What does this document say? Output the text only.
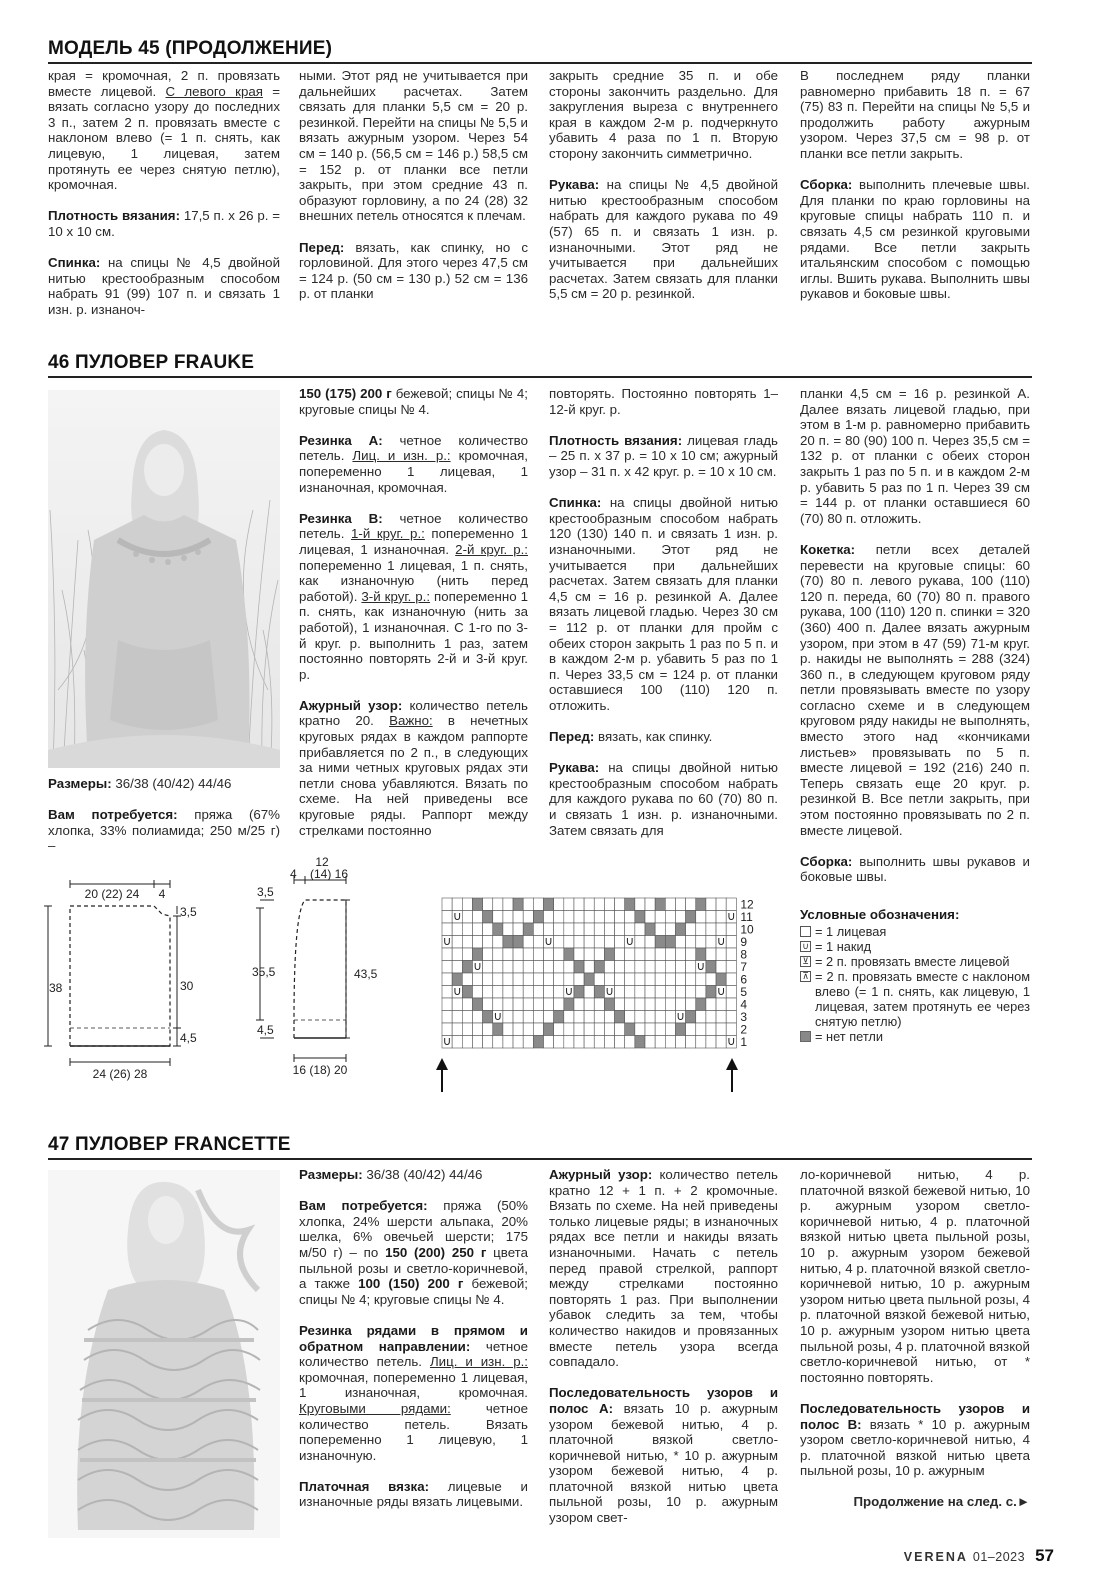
МОДЕЛЬ 45 (ПРОДОЛЖЕНИЕ)

края = кромочная, 2 п. провязать вместе лицевой. С левого края = вязать согласно узору до последних 3 п., затем 2 п. провязать вместе с наклоном влево (= 1 п. снять, как лицевую, 1 лицевая, затем протянуть ее через снятую петлю), кромочная.

Плотность вязания: 17,5 п. х 26 р. = 10 х 10 см.

Спинка: на спицы № 4,5 двойной нитью крестообразным способом набрать 91 (99) 107 п. и связать 1 изн. р. изнаноч-

ными. Этот ряд не учитывается при дальнейших расчетах. Затем связать для планки 5,5 см = 20 р. резинкой. Перейти на спицы № 5,5 и вязать ажурным узором. Через 54 см = 140 р. (56,5 см = 146 р.) 58,5 см = 152 р. от планки все петли закрыть, при этом средние 43 п. образуют горловину, а по 24 (28) 32 внешних петель относятся к плечам.

Перед: вязать, как спинку, но с горловиной. Для этого через 47,5 см = 124 р. (50 см = 130 р.) 52 см = 136 р. от планки

закрыть средние 35 п. и обе стороны закончить раздельно. Для закругления выреза с внутреннего края в каждом 2-м р. подчеркнуто убавить 4 раза по 1 п. Вторую сторону закончить симметрично.

Рукава: на спицы № 4,5 двойной нитью крестообразным способом набрать для каждого рукава по 49 (57) 65 п. и связать 1 изн. р. изнаночными. Этот ряд не учитывается при дальнейших расчетах. Затем связать для планки 5,5 см = 20 р. резинкой.

В последнем ряду планки равномерно прибавить 18 п. = 67 (75) 83 п. Перейти на спицы № 5,5 и продолжить работу ажурным узором. Через 37,5 см = 98 р. от планки все петли закрыть.

Сборка: выполнить плечевые швы. Для планки по краю горловины на круговые спицы набрать 110 п. и связать 4,5 см резинкой круговыми рядами. Все петли закрыть итальянским способом с помощью иглы. Вшить рукава. Выполнить швы рукавов и боковые швы.

46 ПУЛОВЕР FRAUKE

Размеры: 36/38 (40/42) 44/46

Вам потребуется: пряжа (67% хлопка, 33% полиамида; 250 м/25 г) –

150 (175) 200 г бежевой; спицы № 4; круговые спицы № 4.

Резинка А: четное количество петель. Лиц. и изн. р.: кромочная, попеременно 1 лицевая, 1 изнаночная, кромочная.

Резинка В: четное количество петель. 1-й круг. р.: попеременно 1 лицевая, 1 изнаночная. 2-й круг. р.: попеременно 1 лицевая, 1 п. снять, как изнаночную (нить перед работой). 3-й круг. р.: попеременно 1 п. снять, как изнаночную (нить за работой), 1 изнаночная. С 1-го по 3-й круг. р. выполнить 1 раз, затем постоянно повторять 2-й и 3-й круг. р.

Ажурный узор: количество петель кратно 20. Важно: в нечетных круговых рядах в каждом раппорте прибавляется по 2 п., в следующих за ними четных круговых рядах эти петли снова убавляются. Вязать по схеме. На ней приведены все круговые ряды. Раппорт между стрелками постоянно

повторять. Постоянно повторять 1–12-й круг. р.

Плотность вязания: лицевая гладь – 25 п. х 37 р. = 10 х 10 см; ажурный узор – 31 п. х 42 круг. р. = 10 х 10 см.

Спинка: на спицы двойной нитью крестообразным способом набрать 120 (130) 140 п. и связать 1 изн. р. изнаночными. Этот ряд не учитывается при дальнейших расчетах. Затем связать для планки 4,5 см = 16 р. резинкой А. Далее вязать лицевой гладью. Через 30 см = 112 р. от планки для пройм с обеих сторон закрыть 1 раз по 5 п. и в каждом 2-м р. убавить 5 раз по 1 п. Через 33,5 см = 124 р. от планки оставшиеся 100 (110) 120 п. отложить.

Перед: вязать, как спинку.

Рукава: на спицы двойной нитью крестообразным способом набрать для каждого рукава по 60 (70) 80 п. и связать 1 изн. р. изнаночными. Затем связать для

планки 4,5 см = 16 р. резинкой А. Далее вязать лицевой гладью, при этом в 1-м р. равномерно прибавить 20 п. = 80 (90) 100 п. Через 35,5 см = 132 р. от планки с обеих сторон закрыть 1 раз по 5 п. и в каждом 2-м р. убавить 5 раз по 1 п. Через 39 см = 144 р. от планки оставшиеся 60 (70) 80 п. отложить.

Кокетка: петли всех деталей перевести на круговые спицы: 60 (70) 80 п. левого рукава, 100 (110) 120 п. переда, 60 (70) 80 п. правого рукава, 100 (110) 120 п. спинки = 320 (360) 400 п. Далее вязать ажурным узором, при этом в 47 (59) 71-м круг. р. накиды не выполнять = 288 (324) 360 п., в следующем круговом ряду петли провязывать вместе по узору согласно схеме и в следующем круговом ряду накиды не выполнять, вместо этого над «кончиками листьев» провязывать по 5 п. вместе лицевой = 192 (216) 240 п. Теперь связать еще 20 круг. р. резинкой В. Все петли закрыть, при этом постоянно провязывать по 2 п. вместе лицевой.

Сборка: выполнить швы рукавов и боковые швы.

Условные обозначения:

= 1 лицевая
∪ = 1 накид
⊻ = 2 п. провязать вместе лицевой
⊼ = 2 п. провязать вместе с наклоном влево (= 1 п. снять, как лицевую, 1 лицевая, затем протянуть ее через снятую петлю)
= нет петли
20 (22) 24 4
3,5
38	30
4,5
24 (26) 28
12
4 (14) 16
3,5
35,5	43,5
4,5
16 (18) 20
∪	∪
∪	∪	∪	∪
∪	∪
∪	∪	∪	∪
∪	∪
∪	∪ 1
2
3
4
5
6
7
8
9
10
11
12
47 ПУЛОВЕР FRANCETTE

Размеры: 36/38 (40/42) 44/46

Вам потребуется: пряжа (50% хлопка, 24% шерсти альпака, 20% шелка, 6% овечьей шерсти; 175 м/50 г) – по 150 (200) 250 г цвета пыльной розы и светло-коричневой, а также 100 (150) 200 г бежевой; спицы № 4; круговые спицы № 4.

Резинка рядами в прямом и обратном направлении: четное количество петель. Лиц. и изн. р.: кромочная, попеременно 1 лицевая, 1 изнаночная, кромочная. Круговыми рядами: четное количество петель. Вязать попеременно 1 лицевую, 1 изнаночную.

Платочная вязка: лицевые и изнаночные ряды вязать лицевыми.

Ажурный узор: количество петель кратно 12 + 1 п. + 2 кромочные. Вязать по схеме. На ней приведены только лицевые ряды; в изнаночных рядах все петли и накиды вязать изнаночными. Начать с петель перед правой стрелкой, раппорт между стрелками постоянно повторять 1 раз. При выполнении убавок следить за тем, чтобы количество накидов и провязанных вместе петель узора всегда совпадало.

Последовательность узоров и полос А: вязать 10 р. ажурным узором бежевой нитью, 4 р. платочной вязкой светло-коричневой нитью, * 10 р. ажурным узором бежевой нитью, 4 р. платочной вязкой нитью цвета пыльной розы, 10 р. ажурным узором свет-

ло-коричневой нитью, 4 р. платочной вязкой бежевой нитью, 10 р. ажурным узором светло-коричневой нитью, 4 р. платочной вязкой нитью цвета пыльной розы, 10 р. ажурным узором бежевой нитью, 4 р. платочной вязкой светло-коричневой нитью, 10 р. ажурным узором нитью цвета пыльной розы, 4 р. платочной вязкой бежевой нитью, 10 р. ажурным узором нитью цвета пыльной розы, 4 р. платочной вязкой светло-коричневой нитью, от * постоянно повторять.

Последовательность узоров и полос В: вязать * 10 р. ажурным узором светло-коричневой нитью, 4 р. платочной вязкой нитью цвета пыльной розы, 10 р. ажурным

Продолжение на след. с.►

VERENA 01–2023 57
